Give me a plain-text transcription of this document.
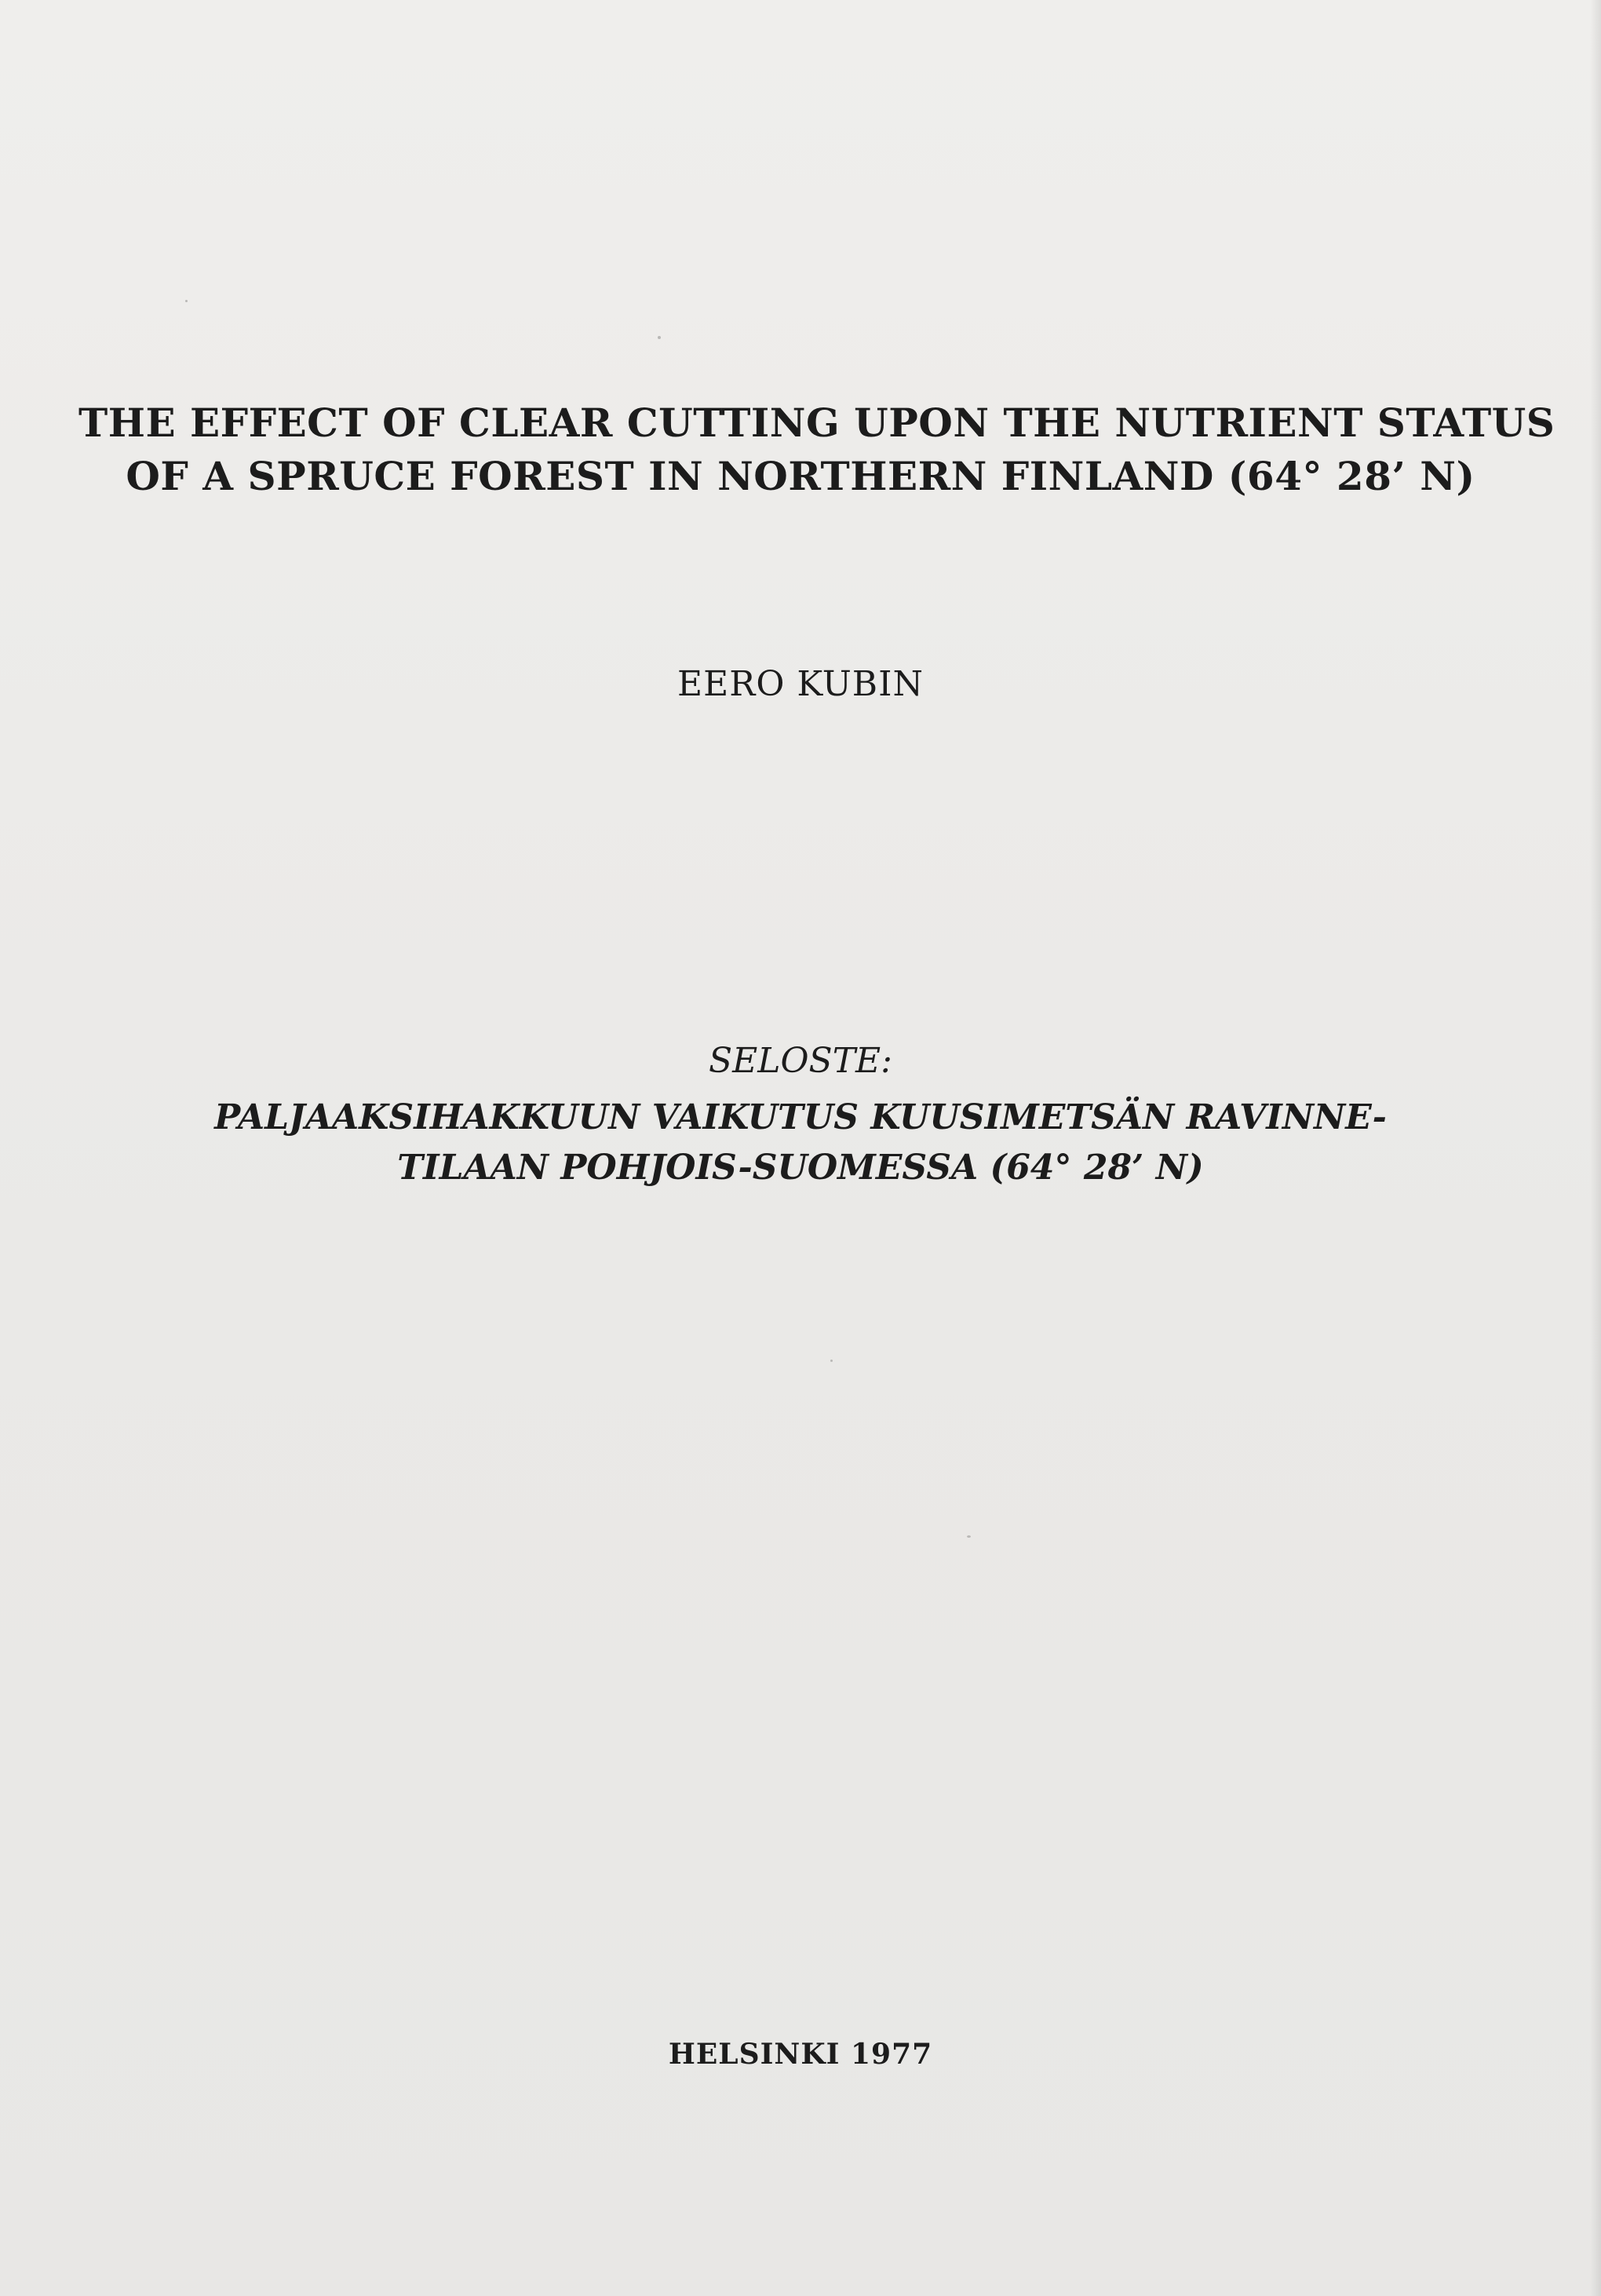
THE EFFECT OF CLEAR CUTTING UPON THE NUTRIENT STATUS
OF A SPRUCE FOREST IN NORTHERN FINLAND (64° 28’ N)

EERO KUBIN

SELOSTE:

PALJAAKSIHAKKUUN VAIKUTUS KUUSIMETSÄN RAVINNE-
TILAAN POHJOIS-SUOMESSA (64° 28’ N)

HELSINKI 1977
